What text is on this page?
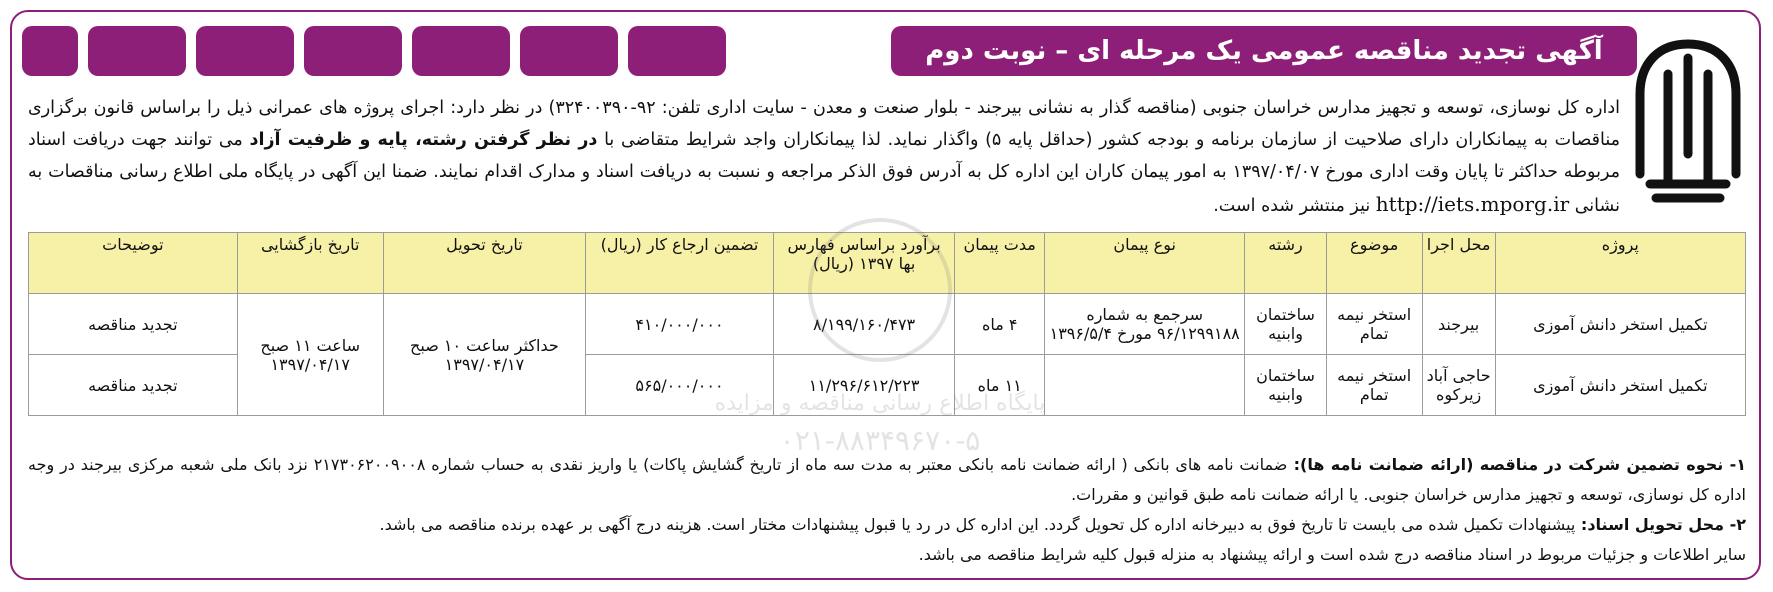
آگهی تجدید مناقصه عمومی یک مرحله ای – نوبت دوم
اداره کل نوسازی، توسعه و تجهیز مدارس خراسان جنوبی (مناقصه گذار به نشانی بیرجند - بلوار صنعت و معدن - سایت اداری تلفن: ۹۲-۳۲۴۰۰۳۹۰) در نظر دارد: اجرای پروژه های عمرانی ذیل را براساس قانون برگزاری مناقصات به پیمانکاران دارای صلاحیت از سازمان برنامه و بودجه کشور (حداقل پایه ۵) واگذار نماید. لذا پیمانکاران واجد شرایط متقاضی با در نظر گرفتن رشته، پایه و ظرفیت آزاد می توانند جهت دریافت اسناد مربوطه حداکثر تا پایان وقت اداری مورخ ۱۳۹۷/۰۴/۰۷ به امور پیمان کاران این اداره کل به آدرس فوق الذکر مراجعه و نسبت به دریافت اسناد و مدارک اقدام نمایند. ضمنا این آگهی در پایگاه ملی اطلاع رسانی مناقصات به نشانی http://iets.mporg.ir نیز منتشر شده است.
پروژه	محل اجرا	موضوع	رشته	نوع پیمان	مدت پیمان	برآورد براساس فهارس بها ۱۳۹۷ (ریال)	تضمین ارجاع کار (ریال)	تاریخ تحویل	تاریخ بازگشایی	توضیحات
تکمیل استخر دانش آموزی	بیرجند	استخر نیمه تمام	ساختمان وابنیه	سرجمع به شماره ۹۶/۱۲۹۹۱۸۸ مورخ ۱۳۹۶/۵/۴	۴ ماه	۸/۱۹۹/۱۶۰/۴۷۳	۴۱۰/۰۰۰/۰۰۰	حداکثر ساعت ۱۰ صبح ۱۳۹۷/۰۴/۱۷	ساعت ۱۱ صبح ۱۳۹۷/۰۴/۱۷	تجدید مناقصه
تکمیل استخر دانش آموزی	حاجی آباد زیرکوه	استخر نیمه تمام	ساختمان وابنیه		۱۱ ماه	۱۱/۲۹۶/۶۱۲/۲۲۳	۵۶۵/۰۰۰/۰۰۰			تجدید مناقصه
پایگاه اطلاع رسانی مناقصه و مزایده
۰۲۱-۸۸۳۴۹۶۷۰-۵
۱- نحوه تضمین شرکت در مناقصه (ارائه ضمانت نامه ها): ضمانت نامه های بانکی ( ارائه ضمانت نامه بانکی معتبر به مدت سه ماه از تاریخ گشایش پاکات) یا واریز نقدی به حساب شماره ۲۱۷۳۰۶۲۰۰۹۰۰۸ نزد بانک ملی شعبه مرکزی بیرجند در وجه اداره کل نوسازی، توسعه و تجهیز مدارس خراسان جنوبی. یا ارائه ضمانت نامه طبق قوانین و مقررات.
۲- محل تحویل اسناد: پیشنهادات تکمیل شده می بایست تا تاریخ فوق به دبیرخانه اداره کل تحویل گردد. این اداره کل در رد یا قبول پیشنهادات مختار است. هزینه درج آگهی بر عهده برنده مناقصه می باشد.
سایر اطلاعات و جزئیات مربوط در اسناد مناقصه درج شده است و ارائه پیشنهاد به منزله قبول کلیه شرایط مناقصه می باشد.
